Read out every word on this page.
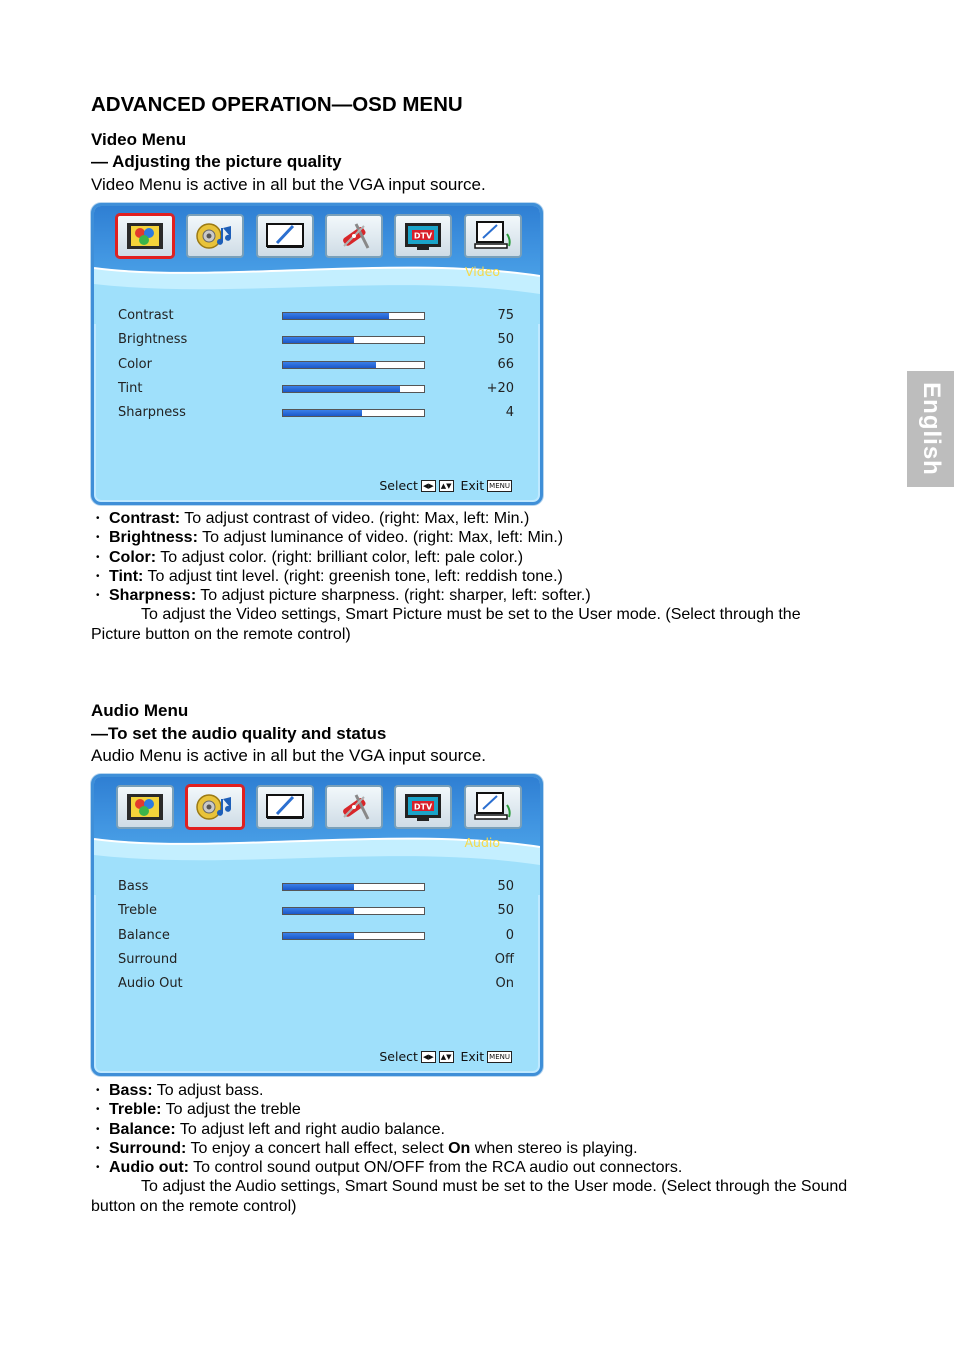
ADVANCED OPERATION—OSD MENU
English
Video Menu
— Adjusting the picture quality
Video Menu is active in all but the VGA input source.
DTV
Video
Contrast	75
Brightness	50
Color	66
Tint	+20
Sharpness	4
Select ◀▶ ▲▼ Exit MENU
• Contrast: To adjust contrast of video. (right: Max, left: Min.)
• Brightness: To adjust luminance of video. (right: Max, left: Min.)
• Color: To adjust color. (right: brilliant color, left: pale color.)
• Tint: To adjust tint level. (right: greenish tone, left: reddish tone.)
• Sharpness: To adjust picture sharpness. (right: sharper, left: softer.)
To adjust the Video settings, Smart Picture must be set to the User mode. (Select through the Picture button on the remote control)
Audio Menu
—To set the audio quality and status
Audio Menu is active in all but the VGA input source.
DTV
Audio
Bass	50
Treble	50
Balance	0
Surround	Off
Audio Out	On
Select ◀▶ ▲▼ Exit MENU
• Bass: To adjust bass.
• Treble: To adjust the treble
• Balance: To adjust left and right audio balance.
• Surround: To enjoy a concert hall effect, select On when stereo is playing.
• Audio out: To control sound output ON/OFF from the RCA audio out connectors.
To adjust the Audio settings, Smart Sound must be set to the User mode. (Select through the Sound button on the remote control)
